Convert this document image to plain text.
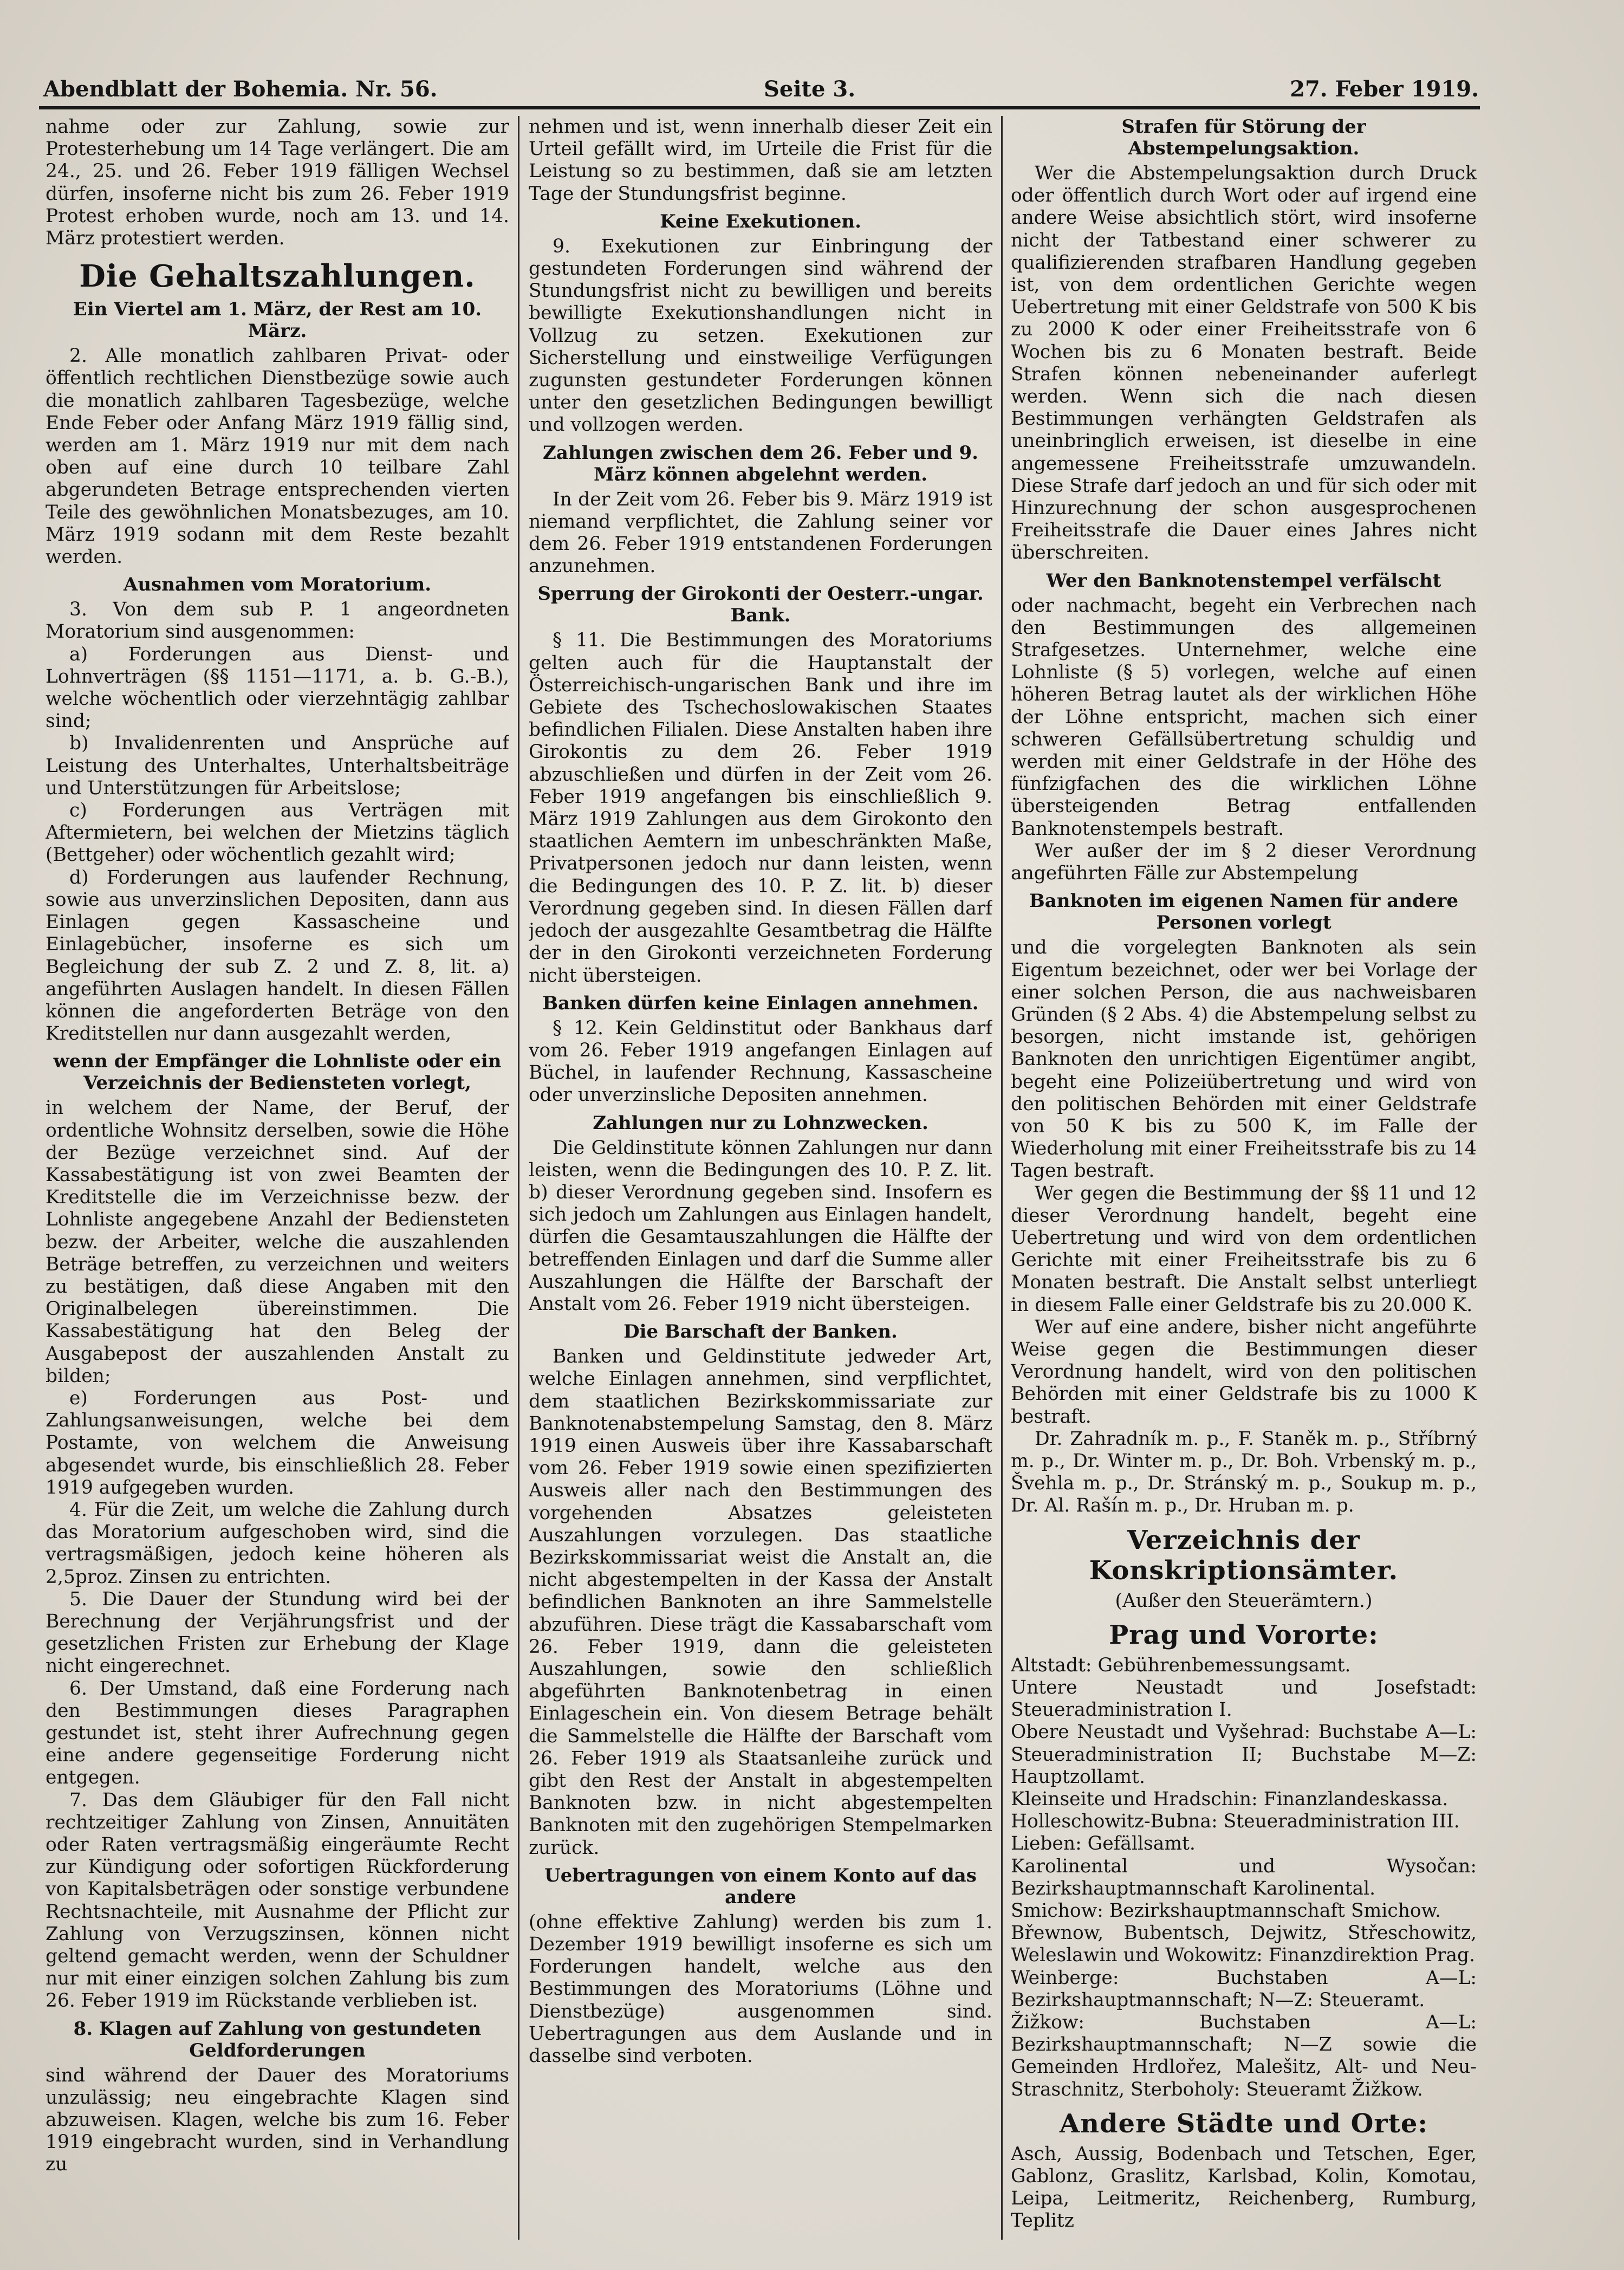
Abendblatt der Bohemia. Nr. 56.	Seite 3.	27. Feber 1919.

nahme oder zur Zahlung, sowie zur Protesterhebung um 14 Tage verlängert. Die am 24., 25. und 26. Feber 1919 fälligen Wechsel dürfen, insoferne nicht bis zum 26. Feber 1919 Protest erhoben wurde, noch am 13. und 14. März protestiert werden.

Die Gehaltszahlungen.
Ein Viertel am 1. März, der Rest am 10. März.

2. Alle monatlich zahlbaren Privat- oder öffentlich rechtlichen Dienstbezüge sowie auch die monatlich zahlbaren Tagesbezüge, welche Ende Feber oder Anfang März 1919 fällig sind, werden am 1. März 1919 nur mit dem nach oben auf eine durch 10 teilbare Zahl abgerundeten Betrage entsprechenden vierten Teile des gewöhnlichen Monatsbezuges, am 10. März 1919 sodann mit dem Reste bezahlt werden.

Ausnahmen vom Moratorium.

3. Von dem sub P. 1 angeordneten Moratorium sind ausgenommen:

a) Forderungen aus Dienst- und Lohnverträgen (§§ 1151—1171, a. b. G.-B.), welche wöchentlich oder vierzehntägig zahlbar sind;

b) Invalidenrenten und Ansprüche auf Leistung des Unterhaltes, Unterhaltsbeiträge und Unterstützungen für Arbeitslose;

c) Forderungen aus Verträgen mit Aftermietern, bei welchen der Mietzins täglich (Bettgeher) oder wöchentlich gezahlt wird;

d) Forderungen aus laufender Rechnung, sowie aus unverzinslichen Depositen, dann aus Einlagen gegen Kassascheine und Einlagebücher, insoferne es sich um Begleichung der sub Z. 2 und Z. 8, lit. a) angeführten Auslagen handelt. In diesen Fällen können die angeforderten Beträge von den Kreditstellen nur dann ausgezahlt werden,

wenn der Empfänger die Lohnliste oder ein Verzeichnis der Bediensteten vorlegt,

in welchem der Name, der Beruf, der ordentliche Wohnsitz derselben, sowie die Höhe der Bezüge verzeichnet sind. Auf der Kassabestätigung ist von zwei Beamten der Kreditstelle die im Verzeichnisse bezw. der Lohnliste angegebene Anzahl der Bediensteten bezw. der Arbeiter, welche die auszahlenden Beträge betreffen, zu verzeichnen und weiters zu bestätigen, daß diese Angaben mit den Originalbelegen übereinstimmen. Die Kassabestätigung hat den Beleg der Ausgabepost der auszahlenden Anstalt zu bilden;

e) Forderungen aus Post- und Zahlungsanweisungen, welche bei dem Postamte, von welchem die Anweisung abgesendet wurde, bis einschließlich 28. Feber 1919 aufgegeben wurden.

4. Für die Zeit, um welche die Zahlung durch das Moratorium aufgeschoben wird, sind die vertragsmäßigen, jedoch keine höheren als 2,5proz. Zinsen zu entrichten.

5. Die Dauer der Stundung wird bei der Berechnung der Verjährungsfrist und der gesetzlichen Fristen zur Erhebung der Klage nicht eingerechnet.

6. Der Umstand, daß eine Forderung nach den Bestimmungen dieses Paragraphen gestundet ist, steht ihrer Aufrechnung gegen eine andere gegenseitige Forderung nicht entgegen.

7. Das dem Gläubiger für den Fall nicht rechtzeitiger Zahlung von Zinsen, Annuitäten oder Raten vertragsmäßig eingeräumte Recht zur Kündigung oder sofortigen Rückforderung von Kapitalsbeträgen oder sonstige verbundene Rechtsnachteile, mit Ausnahme der Pflicht zur Zahlung von Verzugszinsen, können nicht geltend gemacht werden, wenn der Schuldner nur mit einer einzigen solchen Zahlung bis zum 26. Feber 1919 im Rückstande verblieben ist.

8. Klagen auf Zahlung von gestundeten Geldforderungen

sind während der Dauer des Moratoriums unzulässig; neu eingebrachte Klagen sind abzuweisen. Klagen, welche bis zum 16. Feber 1919 eingebracht wurden, sind in Verhandlung zu

nehmen und ist, wenn innerhalb dieser Zeit ein Urteil gefällt wird, im Urteile die Frist für die Leistung so zu bestimmen, daß sie am letzten Tage der Stundungsfrist beginne.

Keine Exekutionen.

9. Exekutionen zur Einbringung der gestundeten Forderungen sind während der Stundungsfrist nicht zu bewilligen und bereits bewilligte Exekutionshandlungen nicht in Vollzug zu setzen. Exekutionen zur Sicherstellung und einstweilige Verfügungen zugunsten gestundeter Forderungen können unter den gesetzlichen Bedingungen bewilligt und vollzogen werden.

Zahlungen zwischen dem 26. Feber und 9. März können abgelehnt werden.

In der Zeit vom 26. Feber bis 9. März 1919 ist niemand verpflichtet, die Zahlung seiner vor dem 26. Feber 1919 entstandenen Forderungen anzunehmen.

Sperrung der Girokonti der Oesterr.-ungar. Bank.

§ 11. Die Bestimmungen des Moratoriums gelten auch für die Hauptanstalt der Österreichisch-ungarischen Bank und ihre im Gebiete des Tschechoslowakischen Staates befindlichen Filialen. Diese Anstalten haben ihre Girokontis zu dem 26. Feber 1919 abzuschließen und dürfen in der Zeit vom 26. Feber 1919 angefangen bis einschließlich 9. März 1919 Zahlungen aus dem Girokonto den staatlichen Aemtern im unbeschränkten Maße, Privatpersonen jedoch nur dann leisten, wenn die Bedingungen des 10. P. Z. lit. b) dieser Verordnung gegeben sind. In diesen Fällen darf jedoch der ausgezahlte Gesamtbetrag die Hälfte der in den Girokonti verzeichneten Forderung nicht übersteigen.

Banken dürfen keine Einlagen annehmen.

§ 12. Kein Geldinstitut oder Bankhaus darf vom 26. Feber 1919 angefangen Einlagen auf Büchel, in laufender Rechnung, Kassascheine oder unverzinsliche Depositen annehmen.

Zahlungen nur zu Lohnzwecken.

Die Geldinstitute können Zahlungen nur dann leisten, wenn die Bedingungen des 10. P. Z. lit. b) dieser Verordnung gegeben sind. Insofern es sich jedoch um Zahlungen aus Einlagen handelt, dürfen die Gesamtauszahlungen die Hälfte der betreffenden Einlagen und darf die Summe aller Auszahlungen die Hälfte der Barschaft der Anstalt vom 26. Feber 1919 nicht übersteigen.

Die Barschaft der Banken.

Banken und Geldinstitute jedweder Art, welche Einlagen annehmen, sind verpflichtet, dem staatlichen Bezirkskommissariate zur Banknotenabstempelung Samstag, den 8. März 1919 einen Ausweis über ihre Kassabarschaft vom 26. Feber 1919 sowie einen spezifizierten Ausweis aller nach den Bestimmungen des vorgehenden Absatzes geleisteten Auszahlungen vorzulegen. Das staatliche Bezirkskommissariat weist die Anstalt an, die nicht abgestempelten in der Kassa der Anstalt befindlichen Banknoten an ihre Sammelstelle abzuführen. Diese trägt die Kassabarschaft vom 26. Feber 1919, dann die geleisteten Auszahlungen, sowie den schließlich abgeführten Banknotenbetrag in einen Einlageschein ein. Von diesem Betrage behält die Sammelstelle die Hälfte der Barschaft vom 26. Feber 1919 als Staatsanleihe zurück und gibt den Rest der Anstalt in abgestempelten Banknoten bzw. in nicht abgestempelten Banknoten mit den zugehörigen Stempelmarken zurück.

Uebertragungen von einem Konto auf das andere

(ohne effektive Zahlung) werden bis zum 1. Dezember 1919 bewilligt insoferne es sich um Forderungen handelt, welche aus den Bestimmungen des Moratoriums (Löhne und Dienstbezüge) ausgenommen sind. Uebertragungen aus dem Auslande und in dasselbe sind verboten.

Strafen für Störung der Abstempelungsaktion.

Wer die Abstempelungsaktion durch Druck oder öffentlich durch Wort oder auf irgend eine andere Weise absichtlich stört, wird insoferne nicht der Tatbestand einer schwerer zu qualifizierenden strafbaren Handlung gegeben ist, von dem ordentlichen Gerichte wegen Uebertretung mit einer Geldstrafe von 500 K bis zu 2000 K oder einer Freiheitsstrafe von 6 Wochen bis zu 6 Monaten bestraft. Beide Strafen können nebeneinander auferlegt werden. Wenn sich die nach diesen Bestimmungen verhängten Geldstrafen als uneinbringlich erweisen, ist dieselbe in eine angemessene Freiheitsstrafe umzuwandeln. Diese Strafe darf jedoch an und für sich oder mit Hinzurechnung der schon ausgesprochenen Freiheitsstrafe die Dauer eines Jahres nicht überschreiten.

Wer den Banknotenstempel verfälscht

oder nachmacht, begeht ein Verbrechen nach den Bestimmungen des allgemeinen Strafgesetzes. Unternehmer, welche eine Lohnliste (§ 5) vorlegen, welche auf einen höheren Betrag lautet als der wirklichen Höhe der Löhne entspricht, machen sich einer schweren Gefällsübertretung schuldig und werden mit einer Geldstrafe in der Höhe des fünfzigfachen des die wirklichen Löhne übersteigenden Betrag entfallenden Banknotenstempels bestraft.

Wer außer der im § 2 dieser Verordnung angeführten Fälle zur Abstempelung

Banknoten im eigenen Namen für andere Personen vorlegt

und die vorgelegten Banknoten als sein Eigentum bezeichnet, oder wer bei Vorlage der einer solchen Person, die aus nachweisbaren Gründen (§ 2 Abs. 4) die Abstempelung selbst zu besorgen, nicht imstande ist, gehörigen Banknoten den unrichtigen Eigentümer angibt, begeht eine Polizeiübertretung und wird von den politischen Behörden mit einer Geldstrafe von 50 K bis zu 500 K, im Falle der Wiederholung mit einer Freiheitsstrafe bis zu 14 Tagen bestraft.

Wer gegen die Bestimmung der §§ 11 und 12 dieser Verordnung handelt, begeht eine Uebertretung und wird von dem ordentlichen Gerichte mit einer Freiheitsstrafe bis zu 6 Monaten bestraft. Die Anstalt selbst unterliegt in diesem Falle einer Geldstrafe bis zu 20.000 K.

Wer auf eine andere, bisher nicht angeführte Weise gegen die Bestimmungen dieser Verordnung handelt, wird von den politischen Behörden mit einer Geldstrafe bis zu 1000 K bestraft.

Dr. Zahradník m. p., F. Staněk m. p., Stříbrný m. p., Dr. Winter m. p., Dr. Boh. Vrbenský m. p., Švehla m. p., Dr. Stránský m. p., Soukup m. p., Dr. Al. Rašín m. p., Dr. Hruban m. p.

Verzeichnis der Konskriptionsämter.
(Außer den Steuerämtern.)
Prag und Vororte:

Altstadt: Gebührenbemessungsamt.

Untere Neustadt und Josefstadt: Steueradministration I.

Obere Neustadt und Vyšehrad: Buchstabe A—L: Steueradministration II; Buchstabe M—Z: Hauptzollamt.

Kleinseite und Hradschin: Finanzlandeskassa.

Holleschowitz-Bubna: Steueradministration III.

Lieben: Gefällsamt.

Karolinental und Wysočan: Bezirkshauptmannschaft Karolinental.

Smichow: Bezirkshauptmannschaft Smichow.

Břewnow, Bubentsch, Dejwitz, Střeschowitz, Weleslawin und Wokowitz: Finanzdirektion Prag.

Weinberge: Buchstaben A—L: Bezirkshauptmannschaft; N—Z: Steueramt.

Žižkow: Buchstaben A—L: Bezirkshauptmannschaft; N—Z sowie die Gemeinden Hrdlořez, Malešitz, Alt- und Neu-Straschnitz, Sterboholy: Steueramt Žižkow.

Andere Städte und Orte:

Asch, Aussig, Bodenbach und Tetschen, Eger, Gablonz, Graslitz, Karlsbad, Kolin, Komotau, Leipa, Leitmeritz, Reichenberg, Rumburg, Teplitz
